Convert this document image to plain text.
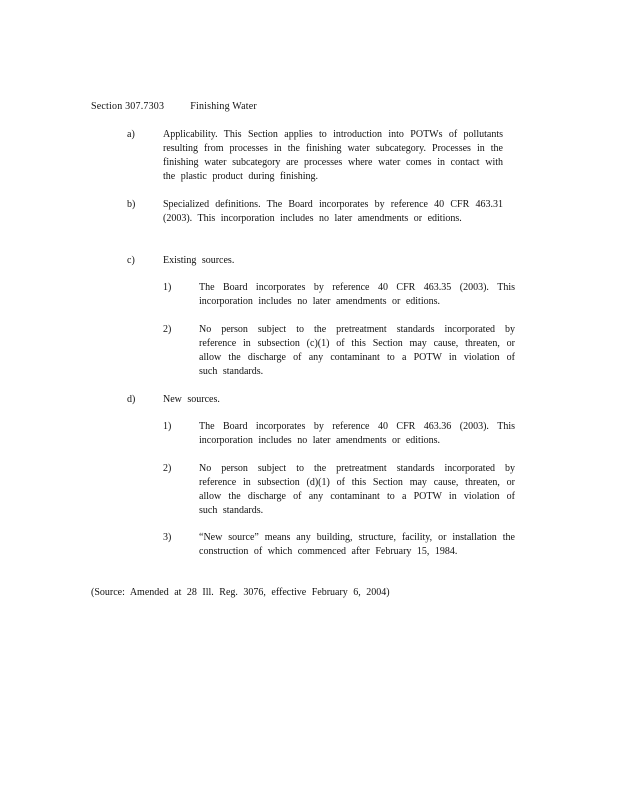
Section 307.7303	Finishing Water
a)	Applicability. This Section applies to introduction into POTWs of pollutants resulting from processes in the finishing water subcategory. Processes in the finishing water subcategory are processes where water comes in contact with the plastic product during finishing.
b)	Specialized definitions. The Board incorporates by reference 40 CFR 463.31 (2003). This incorporation includes no later amendments or editions.
c)	Existing sources.
1)	The Board incorporates by reference 40 CFR 463.35 (2003). This incorporation includes no later amendments or editions.
2)	No person subject to the pretreatment standards incorporated by reference in subsection (c)(1) of this Section may cause, threaten, or allow the discharge of any contaminant to a POTW in violation of such standards.
d)	New sources.
1)	The Board incorporates by reference 40 CFR 463.36 (2003). This incorporation includes no later amendments or editions.
2)	No person subject to the pretreatment standards incorporated by reference in subsection (d)(1) of this Section may cause, threaten, or allow the discharge of any contaminant to a POTW in violation of such standards.
3)	“New source” means any building, structure, facility, or installation the construction of which commenced after February 15, 1984.
(Source: Amended at 28 Ill. Reg. 3076, effective February 6, 2004)
